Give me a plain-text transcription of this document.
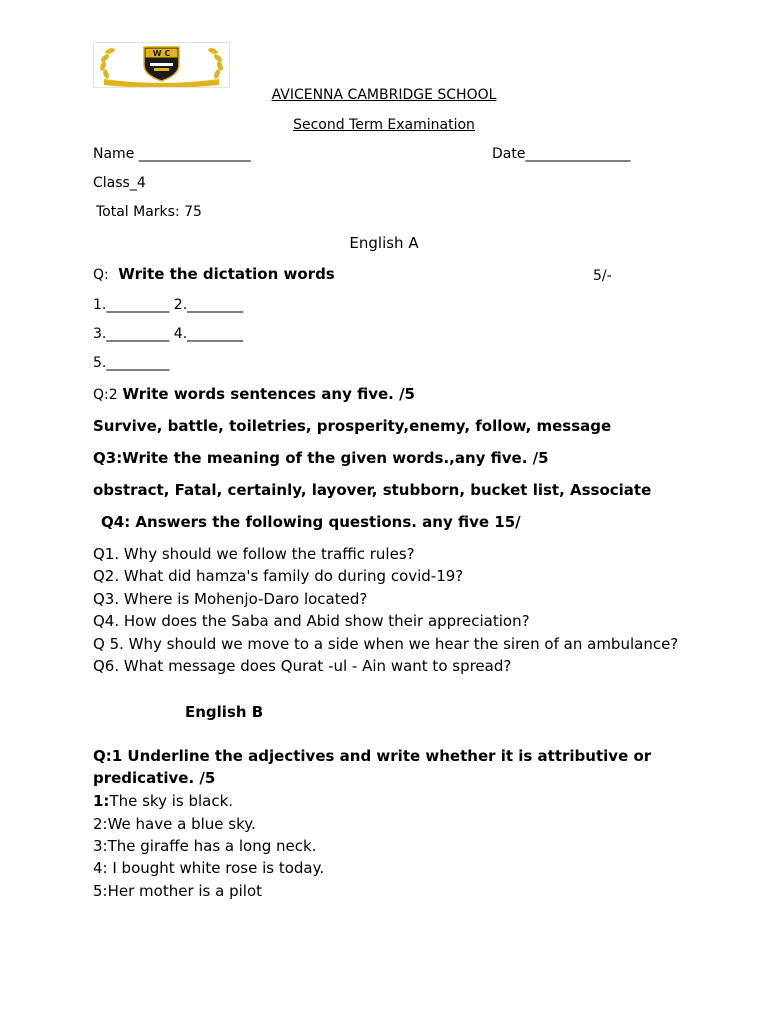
W C
AVICENNA CAMBRIDGE SCHOOL
Second Term Examination
Name ________________	Date_______________
Class_4
Total Marks: 75
English A
Q: Write the dictation words	5/-
1._________ 2.________
3._________ 4.________
5._________
Q:2 Write words sentences any five. /5
Survive, battle, toiletries, prosperity,enemy, follow, message
Q3:Write the meaning of the given words.,any five. /5
obstract, Fatal, certainly, layover, stubborn, bucket list, Associate
Q4: Answers the following questions. any five 15/
Q1. Why should we follow the traffic rules?
Q2. What did hamza's family do during covid-19?
Q3. Where is Mohenjo-Daro located?
Q4. How does the Saba and Abid show their appreciation?
Q 5. Why should we move to a side when we hear the siren of an ambulance?
Q6. What message does Qurat -ul - Ain want to spread?
English B
Q:1 Underline the adjectives and write whether it is attributive or
predicative. /5
1:The sky is black.
2:We have a blue sky.
3:The giraffe has a long neck.
4: I bought white rose is today.
5:Her mother is a pilot
